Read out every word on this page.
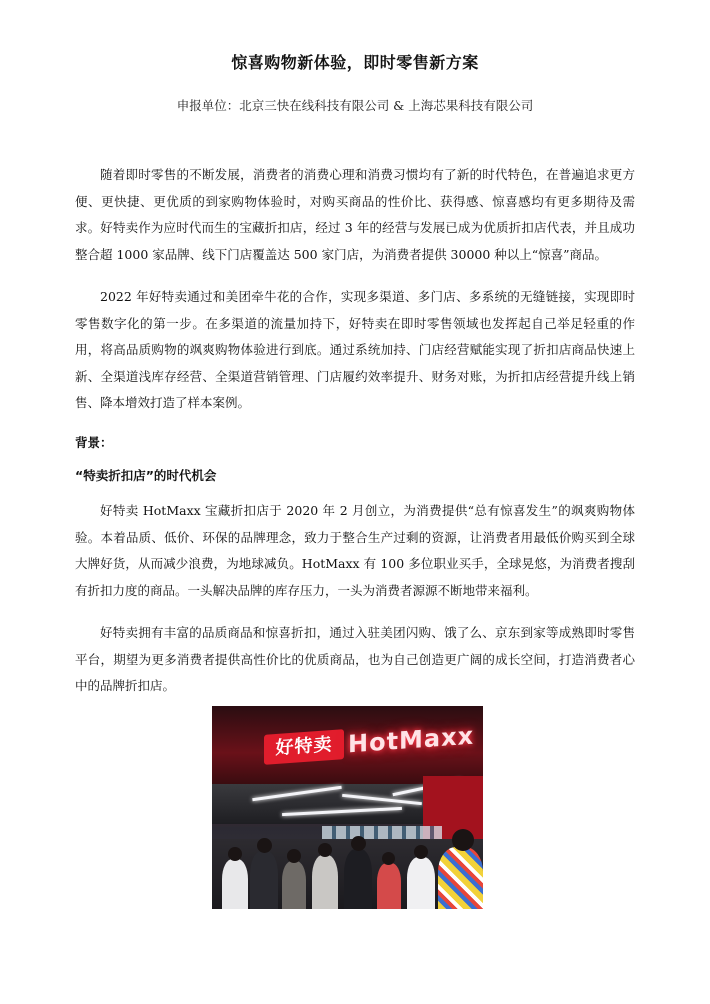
惊喜购物新体验，即时零售新方案
申报单位：北京三快在线科技有限公司 & 上海芯果科技有限公司

随着即时零售的不断发展，消费者的消费心理和消费习惯均有了新的时代特色，在普遍追求更方便、更快捷、更优质的到家购物体验时，对购买商品的性价比、获得感、惊喜感均有更多期待及需求。好特卖作为应时代而生的宝藏折扣店，经过 3 年的经营与发展已成为优质折扣店代表，并且成功整合超 1000 家品牌、线下门店覆盖达 500 家门店，为消费者提供 30000 种以上“惊喜”商品。

2022 年好特卖通过和美团牵牛花的合作，实现多渠道、多门店、多系统的无缝链接，实现即时零售数字化的第一步。在多渠道的流量加持下，好特卖在即时零售领域也发挥起自己举足轻重的作用，将高品质购物的飒爽购物体验进行到底。通过系统加持、门店经营赋能实现了折扣店商品快速上新、全渠道浅库存经营、全渠道营销管理、门店履约效率提升、财务对账，为折扣店经营提升线上销售、降本增效打造了样本案例。

背景：
“特卖折扣店”的时代机会

好特卖 HotMaxx 宝藏折扣店于 2020 年 2 月创立，为消费提供“总有惊喜发生”的飒爽购物体验。本着品质、低价、环保的品牌理念，致力于整合生产过剩的资源，让消费者用最低价购买到全球大牌好货，从而减少浪费，为地球减负。HotMaxx 有 100 多位职业买手，全球晃悠，为消费者搜刮有折扣力度的商品。一头解决品牌的库存压力，一头为消费者源源不断地带来福利。

好特卖拥有丰富的品质商品和惊喜折扣，通过入驻美团闪购、饿了么、京东到家等成熟即时零售平台，期望为更多消费者提供高性价比的优质商品，也为自己创造更广阔的成长空间，打造消费者心中的品牌折扣店。

好特卖 HotMaxx
